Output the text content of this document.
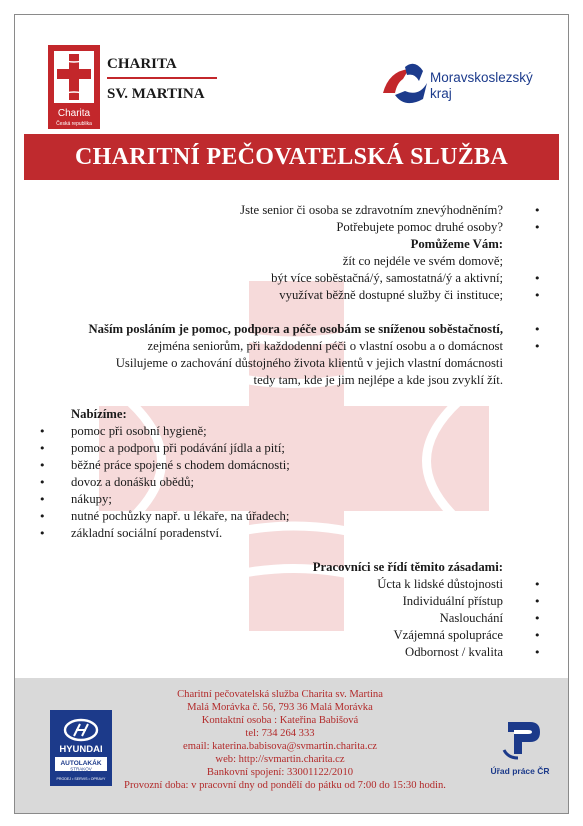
Charita
Česká republika
CHARITA
SV. MARTINA
Moravskoslezský
kraj
CHARITNÍ PEČOVATELSKÁ SLUŽBA
Jste senior či osoba se zdravotním znevýhodněním?	•
Potřebujete pomoc druhé osoby?	•
Pomůžeme Vám:
žít co nejdéle ve svém domově;
být více soběstačná/ý, samostatná/ý a aktivní;	•
využívat běžně dostupné služby či instituce;	•
Naším posláním je pomoc, podpora a péče osobám se sníženou soběstačností,	•
zejména seniorům, při každodenní péči o vlastní osobu a o domácnost	•
Usilujeme o zachování důstojného života klientů v jejich vlastní domácnosti
tedy tam, kde je jim nejlépe a kde jsou zvyklí žít.
Nabízíme:
• pomoc při osobní hygieně;
• pomoc a podporu při podávání jídla a pití;
• běžné práce spojené s chodem domácnosti;
• dovoz a donášku obědů;
• nákupy;
• nutné pochůzky např. u lékaře, na úřadech;
• základní sociální poradenství.
Pracovníci se řídí těmito zásadami:
Úcta k lidské důstojnosti	•
Individuální přístup	•
Naslouchání	•
Vzájemná spolupráce	•
Odbornost / kvalita	•
Charitní pečovatelská služba Charita sv. Martina
Malá Morávka č. 56, 793 36 Malá Morávka
Kontaktní osoba : Kateřina Babišová
tel: 734 264 333
email: katerina.babisova@svmartin.charita.cz
web: http://svmartin.charita.cz
Bankovní spojení: 33001122/2010
Provozní doba: v pracovní dny od pondělí do pátku od 7:00 do 15:30 hodin.
HYUNDAI
AUTOLAKÁK
STRAKOV
PRODEJ • SERVIS • OPRAVY
Úřad práce ČR
